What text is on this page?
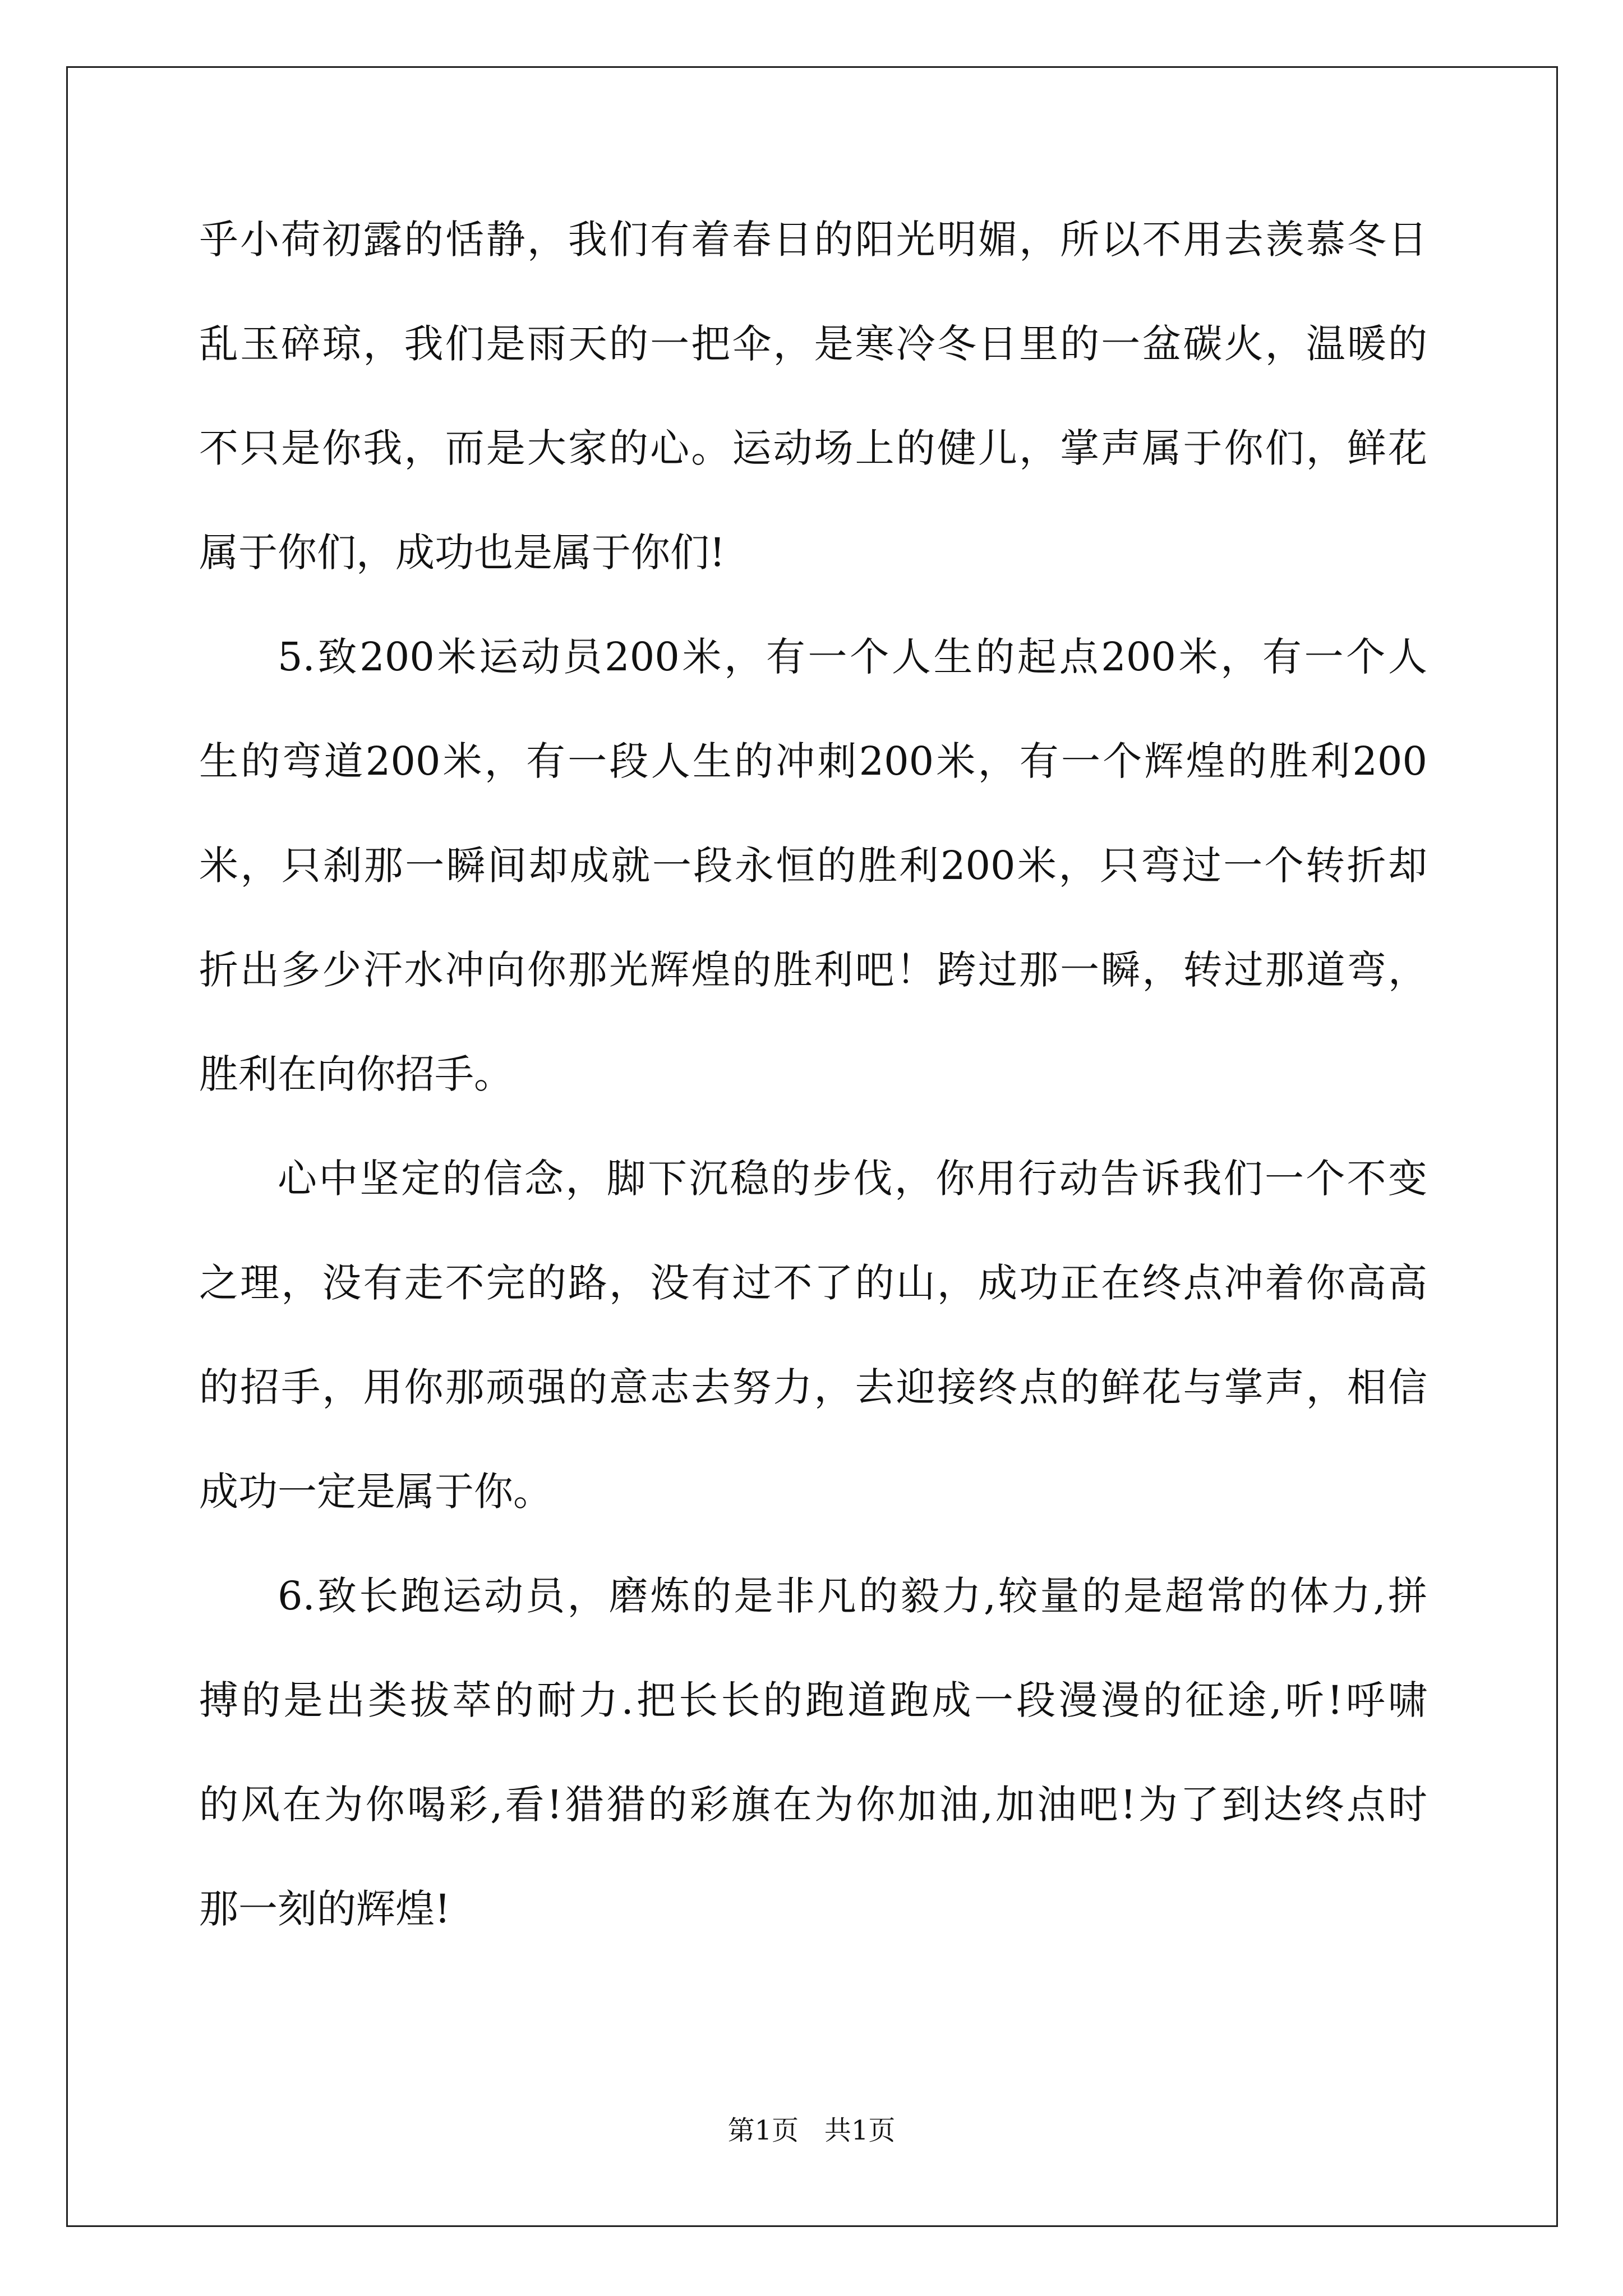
乎小荷初露的恬静，我们有着春日的阳光明媚，所以不用去羡慕冬日
乱玉碎琼，我们是雨天的一把伞，是寒冷冬日里的一盆碳火，温暖的
不只是你我，而是大家的心。运动场上的健儿，掌声属于你们，鲜花
属于你们，成功也是属于你们!
5.致200米运动员200米，有一个人生的起点200米，有一个人
生的弯道200米，有一段人生的冲刺200米，有一个辉煌的胜利200
米，只刹那一瞬间却成就一段永恒的胜利200米，只弯过一个转折却
折出多少汗水冲向你那光辉煌的胜利吧！跨过那一瞬，转过那道弯，
胜利在向你招手。
心中坚定的信念，脚下沉稳的步伐，你用行动告诉我们一个不变
之理，没有走不完的路，没有过不了的山，成功正在终点冲着你高高
的招手，用你那顽强的意志去努力，去迎接终点的鲜花与掌声，相信
成功一定是属于你。
6.致长跑运动员，磨炼的是非凡的毅力,较量的是超常的体力,拼
搏的是出类拔萃的耐力.把长长的跑道跑成一段漫漫的征途,听!呼啸
的风在为你喝彩,看!猎猎的彩旗在为你加油,加油吧!为了到达终点时
那一刻的辉煌!
第1页   共1页
